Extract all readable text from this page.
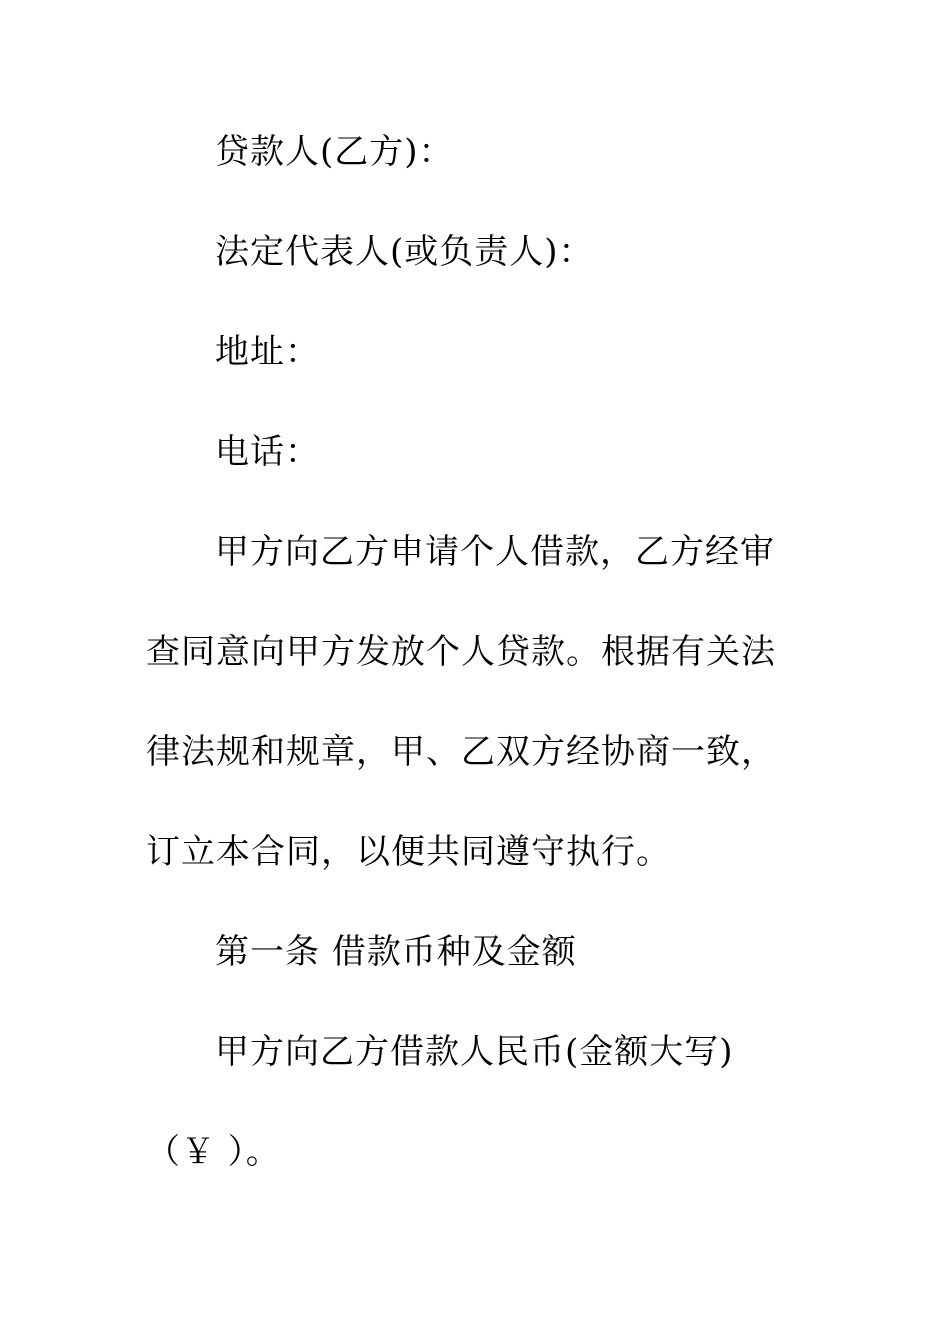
贷款人(乙方)：
法定代表人(或负责人)：
地址：
电话：
甲方向乙方申请个人借款，乙方经审
查同意向甲方发放个人贷款。根据有关法
律法规和规章，甲、乙双方经协商一致，
订立本合同，以便共同遵守执行。
第一条 借款币种及金额
甲方向乙方借款人民币(金额大写)
（￥ ）。
